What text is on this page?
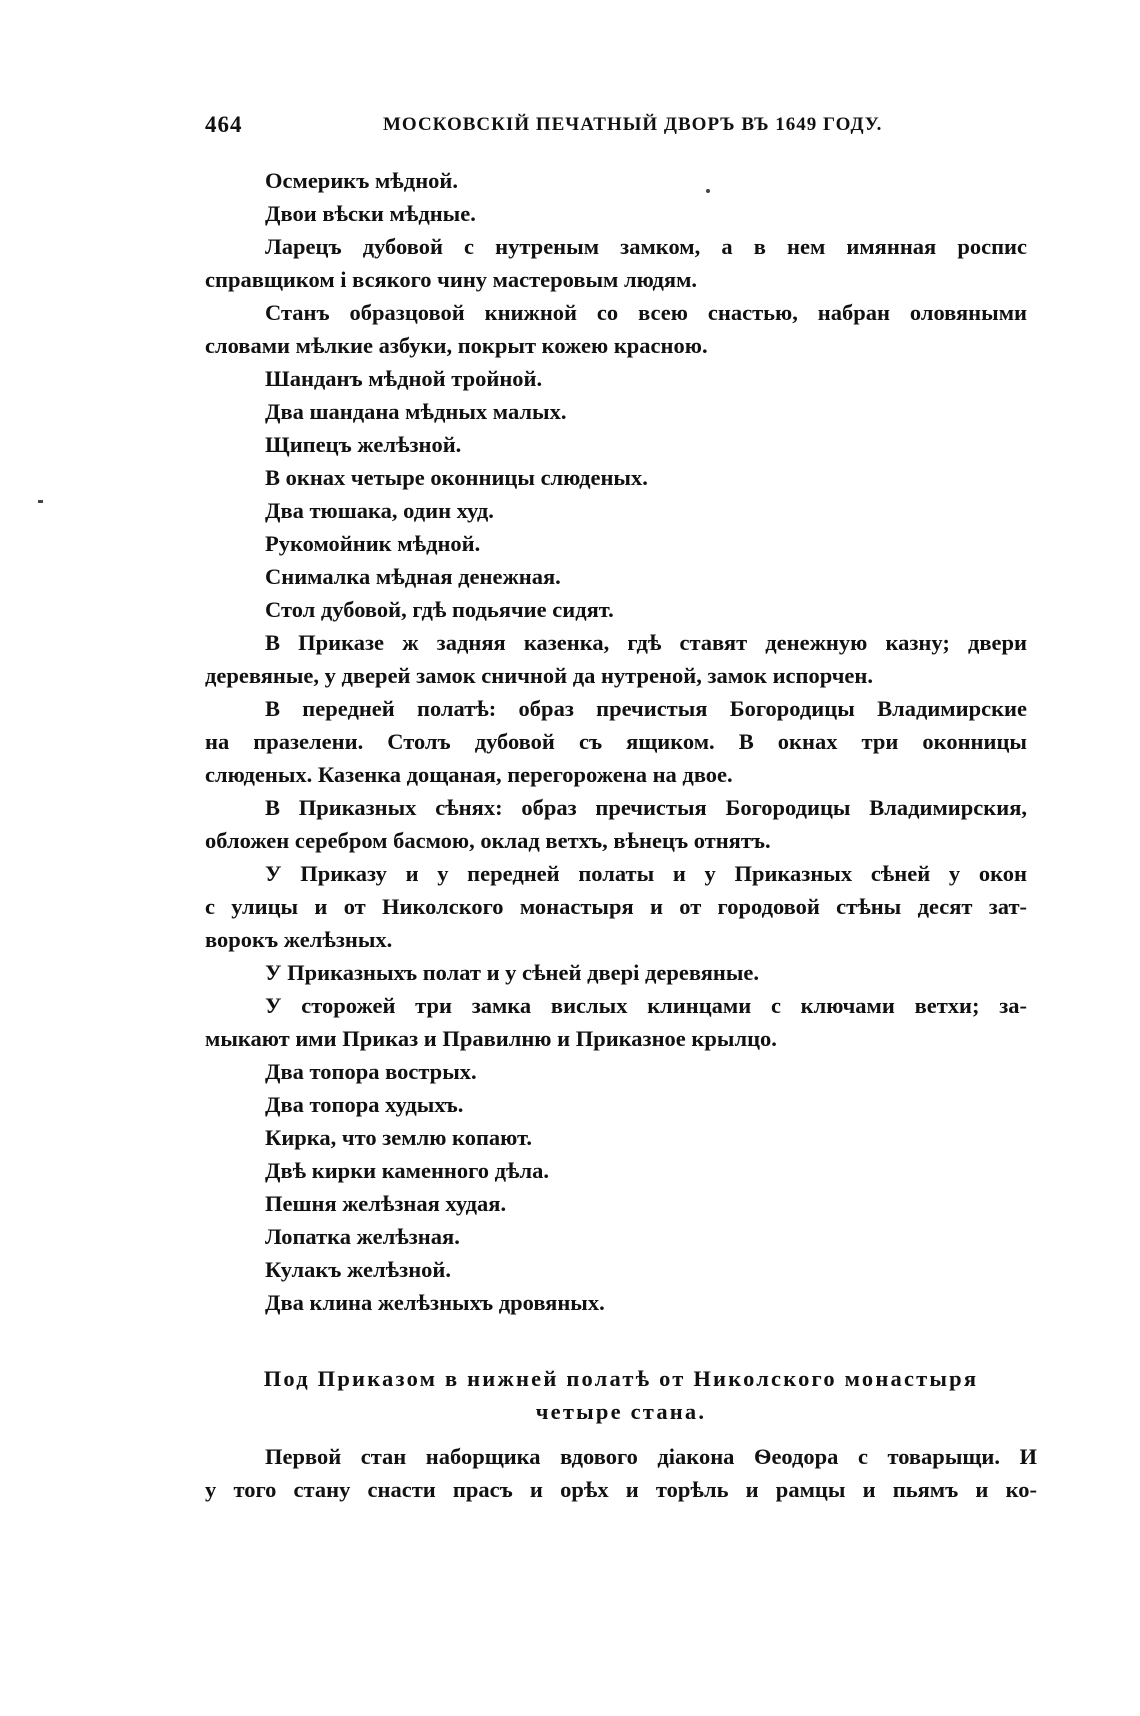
464	МОСКОВСКІЙ ПЕЧАТНЫЙ ДВОРЪ ВЪ 1649 ГОДУ.
Осмерикъ мѣдной.
Двои вѣски мѣдные.
Ларецъ дубовой с нутреным замком, а в нем имянная роспис
справщиком і всякого чину мастеровым людям.
Станъ образцовой книжной со всею снастью, набран оловяными
словами мѣлкие азбуки, покрыт кожею красною.
Шанданъ мѣдной тройной.
Два шандана мѣдных малых.
Щипецъ желѣзной.
В окнах четыре оконницы слюденых.
Два тюшака, один худ.
Рукомойник мѣдной.
Снималка мѣдная денежная.
Стол дубовой, гдѣ подьячие сидят.
В Приказе ж задняя казенка, гдѣ ставят денежную казну; двери
деревяные, у дверей замок сничной да нутреной, замок испорчен.
В передней полатѣ: образ пречистыя Богородицы Владимирские
на празелени. Столъ дубовой съ ящиком. В окнах три оконницы
слюденых. Казенка дощаная, перегорожена на двое.
В Приказных сѣнях: образ пречистыя Богородицы Владимирския,
обложен серебром басмою, оклад ветхъ, вѣнецъ отнятъ.
У Приказу и у передней полаты и у Приказных сѣней у окон
с улицы и от Николского монастыря и от городовой стѣны десят зат-
ворокъ желѣзных.
У Приказныхъ полат и у сѣней дверi деревяные.
У сторожей три замка вислых клинцами с ключами ветхи; за-
мыкают ими Приказ и Правилню и Приказное крылцо.
Два топора вострых.
Два топора худыхъ.
Кирка, что землю копают.
Двѣ кирки каменного дѣла.
Пешня желѣзная худая.
Лопатка желѣзная.
Кулакъ желѣзной.
Два клина желѣзныхъ дровяных.
Под Приказом в нижней полатѣ от Николского монастыря
четыре стана.
Первой стан наборщика вдового дiакона Ѳеодора с товарыщи. И
у того стану снасти прасъ и орѣх и торѣль и рамцы и пьямъ и ко-
